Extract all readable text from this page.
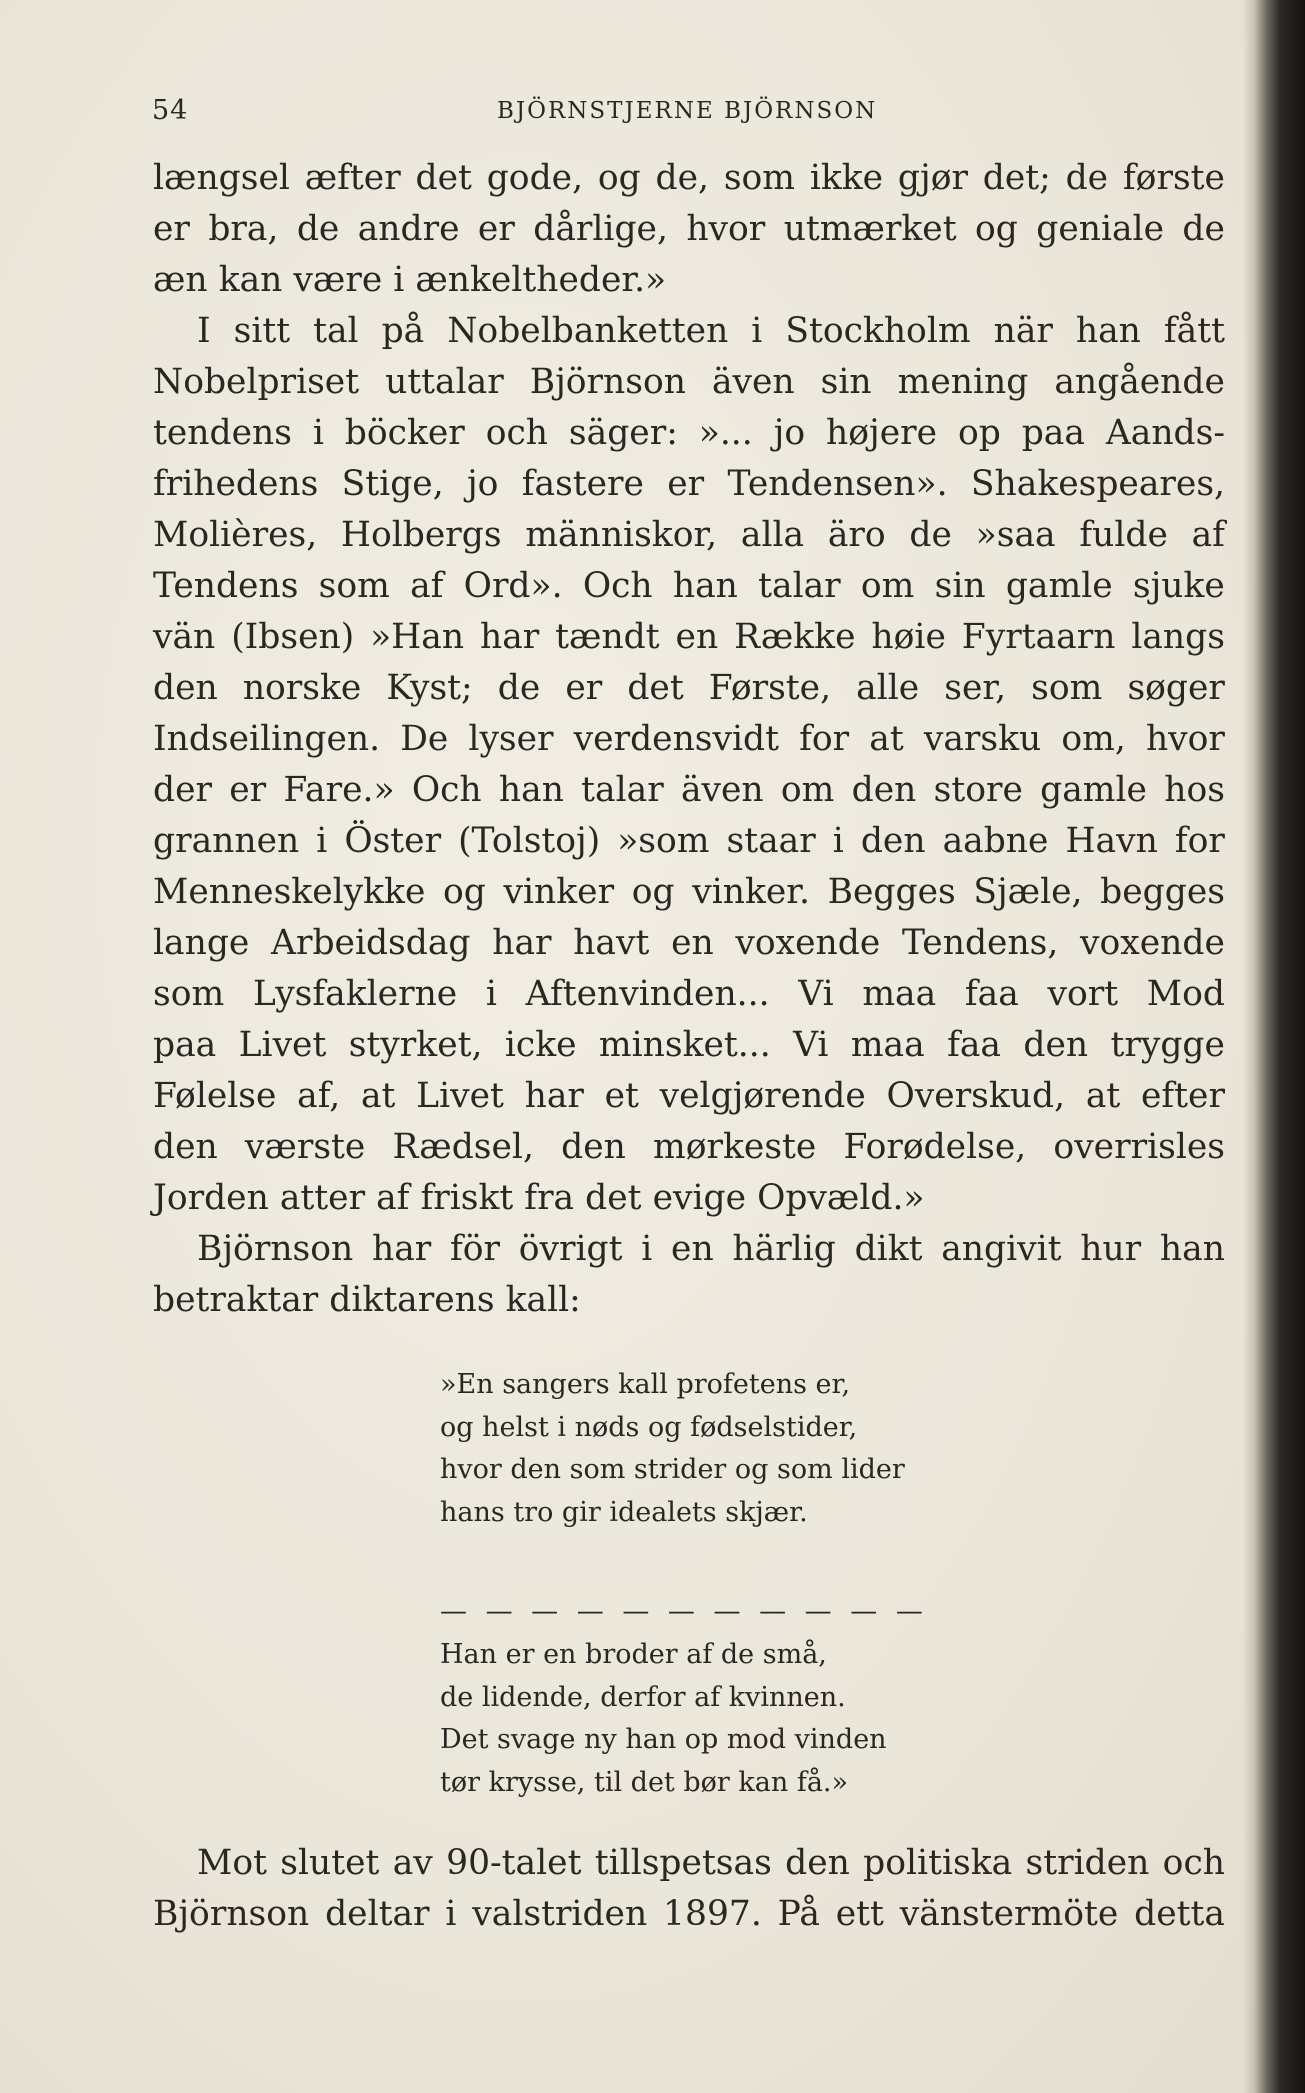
54	BJÖRNSTJERNE BJÖRNSON
længsel æfter det gode, og de, som ikke gjør det; de første
er bra, de andre er dårlige, hvor utmærket og geniale de
æn kan være i ænkeltheder.»
I sitt tal på Nobelbanketten i Stockholm när han fått
Nobelpriset uttalar Björnson även sin mening angående
tendens i böcker och säger: »... jo højere op paa Aands-
frihedens Stige, jo fastere er Tendensen». Shakespeares,
Molières, Holbergs människor, alla äro de »saa fulde af
Tendens som af Ord». Och han talar om sin gamle sjuke
vän (Ibsen) »Han har tændt en Række høie Fyrtaarn langs
den norske Kyst; de er det Første, alle ser, som søger
Indseilingen. De lyser verdensvidt for at varsku om, hvor
der er Fare.» Och han talar även om den store gamle hos
grannen i Öster (Tolstoj) »som staar i den aabne Havn for
Menneskelykke og vinker og vinker. Begges Sjæle, begges
lange Arbeidsdag har havt en voxende Tendens, voxende
som Lysfaklerne i Aftenvinden... Vi maa faa vort Mod
paa Livet styrket, icke minsket... Vi maa faa den trygge
Følelse af, at Livet har et velgjørende Overskud, at efter
den værste Rædsel, den mørkeste Forødelse, overrisles
Jorden atter af friskt fra det evige Opvæld.»
Björnson har för övrigt i en härlig dikt angivit hur han
betraktar diktarens kall:
»En sangers kall profetens er,
og helst i nøds og fødselstider,
hvor den som strider og som lider
hans tro gir idealets skjær.
— — — — — — — — — — —
Han er en broder af de små,
de lidende, derfor af kvinnen.
Det svage ny han op mod vinden
tør krysse, til det bør kan få.»
Mot slutet av 90-talet tillspetsas den politiska striden och
Björnson deltar i valstriden 1897. På ett vänstermöte detta
